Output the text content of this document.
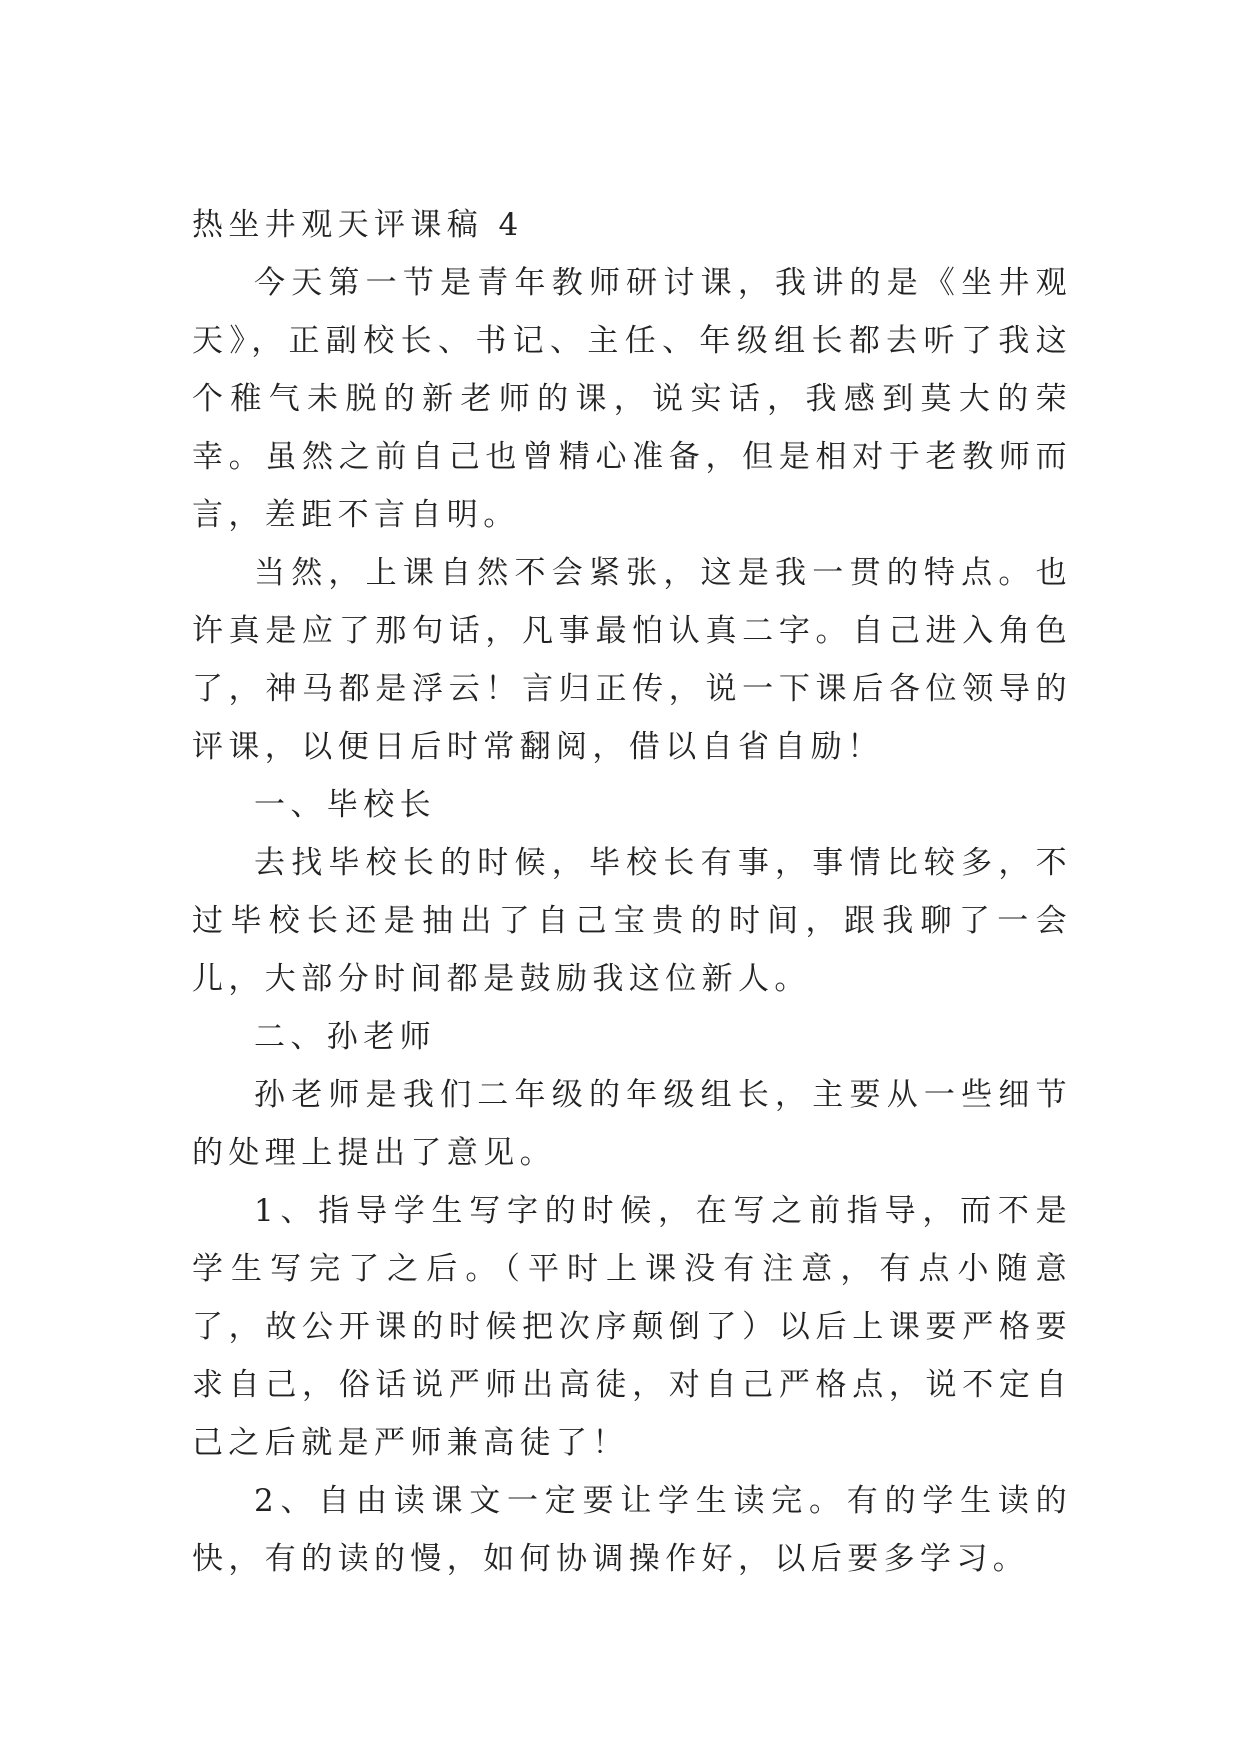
热坐井观天评课稿 4

今天第一节是青年教师研讨课，我讲的是《坐井观天》，正副校长、书记、主任、年级组长都去听了我这个稚气未脱的新老师的课，说实话，我感到莫大的荣幸。虽然之前自己也曾精心准备，但是相对于老教师而言，差距不言自明。

当然，上课自然不会紧张，这是我一贯的特点。也许真是应了那句话，凡事最怕认真二字。自己进入角色了，神马都是浮云！言归正传，说一下课后各位领导的评课，以便日后时常翻阅，借以自省自励！

一、毕校长

去找毕校长的时候，毕校长有事，事情比较多，不过毕校长还是抽出了自己宝贵的时间，跟我聊了一会儿，大部分时间都是鼓励我这位新人。

二、孙老师

孙老师是我们二年级的年级组长，主要从一些细节的处理上提出了意见。

1、指导学生写字的时候，在写之前指导，而不是学生写完了之后。（平时上课没有注意，有点小随意了，故公开课的时候把次序颠倒了）以后上课要严格要求自己，俗话说严师出高徒，对自己严格点，说不定自己之后就是严师兼高徒了！

2、自由读课文一定要让学生读完。有的学生读的快，有的读的慢，如何协调操作好，以后要多学习。
